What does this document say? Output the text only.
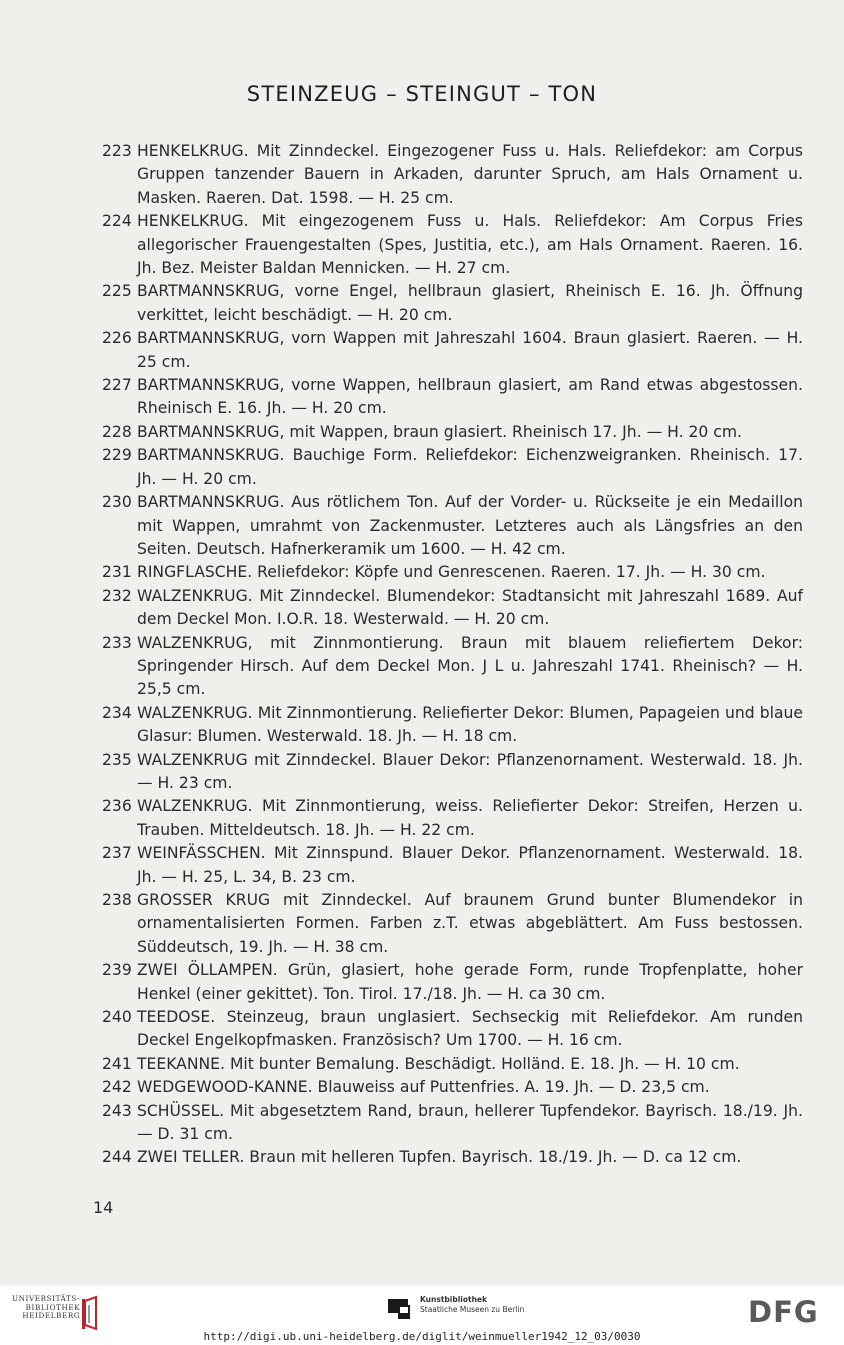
STEINZEUG – STEINGUT – TON
223 HENKELKRUG. Mit Zinndeckel. Eingezogener Fuss u. Hals. Reliefdekor: am Corpus Gruppen tanzender Bauern in Arkaden, darunter Spruch, am Hals Ornament u. Masken. Raeren. Dat. 1598. — H. 25 cm.
224 HENKELKRUG. Mit eingezogenem Fuss u. Hals. Reliefdekor: Am Corpus Fries allegorischer Frauengestalten (Spes, Justitia, etc.), am Hals Ornament. Raeren. 16. Jh. Bez. Meister Baldan Mennicken. — H. 27 cm.
225 BARTMANNSKRUG, vorne Engel, hellbraun glasiert, Rheinisch E. 16. Jh. Öffnung verkittet, leicht beschädigt. — H. 20 cm.
226 BARTMANNSKRUG, vorn Wappen mit Jahreszahl 1604. Braun glasiert. Raeren. — H. 25 cm.
227 BARTMANNSKRUG, vorne Wappen, hellbraun glasiert, am Rand etwas abgestossen. Rheinisch E. 16. Jh. — H. 20 cm.
228 BARTMANNSKRUG, mit Wappen, braun glasiert. Rheinisch 17. Jh. — H. 20 cm.
229 BARTMANNSKRUG. Bauchige Form. Reliefdekor: Eichenzweigranken. Rheinisch. 17. Jh. — H. 20 cm.
230 BARTMANNSKRUG. Aus rötlichem Ton. Auf der Vorder- u. Rückseite je ein Medaillon mit Wappen, umrahmt von Zackenmuster. Letzteres auch als Längsfries an den Seiten. Deutsch. Hafnerkeramik um 1600. — H. 42 cm.
231 RINGFLASCHE. Reliefdekor: Köpfe und Genrescenen. Raeren. 17. Jh. — H. 30 cm.
232 WALZENKRUG. Mit Zinndeckel. Blumendekor: Stadtansicht mit Jahreszahl 1689. Auf dem Deckel Mon. I.O.R. 18. Westerwald. — H. 20 cm.
233 WALZENKRUG, mit Zinnmontierung. Braun mit blauem reliefiertem Dekor: Springender Hirsch. Auf dem Deckel Mon. J L u. Jahreszahl 1741. Rheinisch? — H. 25,5 cm.
234 WALZENKRUG. Mit Zinnmontierung. Reliefierter Dekor: Blumen, Papageien und blaue Glasur: Blumen. Westerwald. 18. Jh. — H. 18 cm.
235 WALZENKRUG mit Zinndeckel. Blauer Dekor: Pflanzenornament. Westerwald. 18. Jh. — H. 23 cm.
236 WALZENKRUG. Mit Zinnmontierung, weiss. Reliefierter Dekor: Streifen, Herzen u. Trauben. Mitteldeutsch. 18. Jh. — H. 22 cm.
237 WEINFÄSSCHEN. Mit Zinnspund. Blauer Dekor. Pflanzenornament. Westerwald. 18. Jh. — H. 25, L. 34, B. 23 cm.
238 GROSSER KRUG mit Zinndeckel. Auf braunem Grund bunter Blumendekor in ornamentalisierten Formen. Farben z.T. etwas abgeblättert. Am Fuss bestossen. Süddeutsch, 19. Jh. — H. 38 cm.
239 ZWEI ÖLLAMPEN. Grün, glasiert, hohe gerade Form, runde Tropfenplatte, hoher Henkel (einer gekittet). Ton. Tirol. 17./18. Jh. — H. ca 30 cm.
240 TEEDOSE. Steinzeug, braun unglasiert. Sechseckig mit Reliefdekor. Am runden Deckel Engelkopfmasken. Französisch? Um 1700. — H. 16 cm.
241 TEEKANNE. Mit bunter Bemalung. Beschädigt. Holländ. E. 18. Jh. — H. 10 cm.
242 WEDGEWOOD-KANNE. Blauweiss auf Puttenfries. A. 19. Jh. — D. 23,5 cm.
243 SCHÜSSEL. Mit abgesetztem Rand, braun, hellerer Tupfendekor. Bayrisch. 18./19. Jh. — D. 31 cm.
244 ZWEI TELLER. Braun mit helleren Tupfen. Bayrisch. 18./19. Jh. — D. ca 12 cm.
14
UNIVERSITÄTS-
BIBLIOTHEK
HEIDELBERG
Kunstbibliothek
Staatliche Museen zu Berlin	DFG
http://digi.ub.uni-heidelberg.de/diglit/weinmueller1942_12_03/0030
